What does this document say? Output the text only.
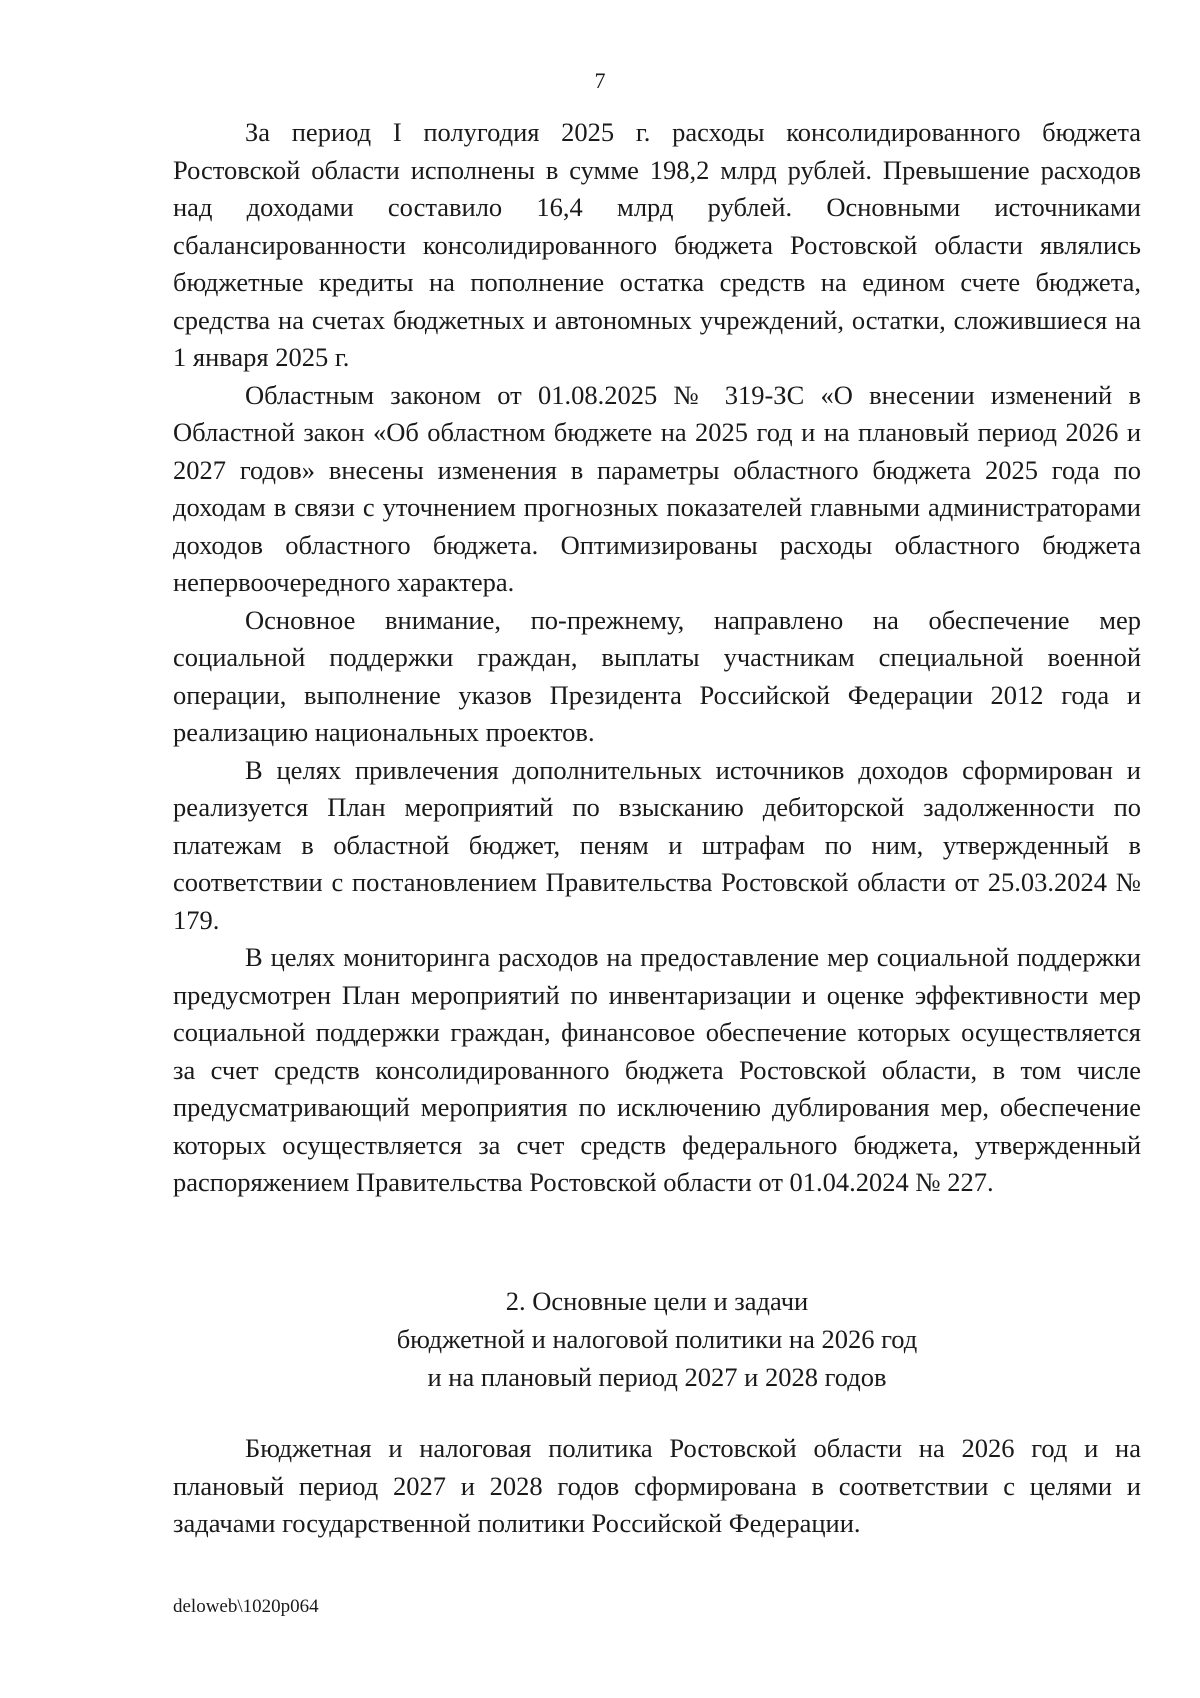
7

За период I полугодия 2025 г. расходы консолидированного бюджета Ростовской области исполнены в сумме 198,2 млрд рублей. Превышение расходов над доходами составило 16,4 млрд рублей. Основными источниками сбалансированности консолидированного бюджета Ростовской области являлись бюджетные кредиты на пополнение остатка средств на едином счете бюджета, средства на счетах бюджетных и автономных учреждений, остатки, сложившиеся на 1 января 2025 г.

Областным законом от 01.08.2025 № 319-ЗС «О внесении изменений в Областной закон «Об областном бюджете на 2025 год и на плановый период 2026 и 2027 годов» внесены изменения в параметры областного бюджета 2025 года по доходам в связи с уточнением прогнозных показателей главными администраторами доходов областного бюджета. Оптимизированы расходы областного бюджета непервоочередного характера.

Основное внимание, по-прежнему, направлено на обеспечение мер социальной поддержки граждан, выплаты участникам специальной военной операции, выполнение указов Президента Российской Федерации 2012 года и реализацию национальных проектов.

В целях привлечения дополнительных источников доходов сформирован и реализуется План мероприятий по взысканию дебиторской задолженности по платежам в областной бюджет, пеням и штрафам по ним, утвержденный в соответствии с постановлением Правительства Ростовской области от 25.03.2024 № 179.

В целях мониторинга расходов на предоставление мер социальной поддержки предусмотрен План мероприятий по инвентаризации и оценке эффективности мер социальной поддержки граждан, финансовое обеспечение которых осуществляется за счет средств консолидированного бюджета Ростовской области, в том числе предусматривающий мероприятия по исключению дублирования мер, обеспечение которых осуществляется за счет средств федерального бюджета, утвержденный распоряжением Правительства Ростовской области от 01.04.2024 № 227.

2. Основные цели и задачи
бюджетной и налоговой политики на 2026 год
и на плановый период 2027 и 2028 годов

Бюджетная и налоговая политика Ростовской области на 2026 год и на плановый период 2027 и 2028 годов сформирована в соответствии с целями и задачами государственной политики Российской Федерации.

deloweb\1020p064
